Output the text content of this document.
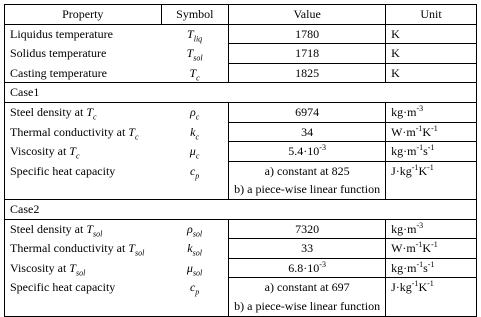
Property	Symbol	Value	Unit
Liquidus temperature	$T_{liq}$	1780	K
Solidus temperature	$T_{sol}$	1718	K
Casting temperature	$T_c$	1825	K
Case1			
Steel density at $T_c$	$\rho_c$	6974	$kg\cdot m^{-3}$
Thermal conductivity at $T_c$	$k_c$	34	$W\cdot m^{-1}K^{-1}$
Viscosity at $T_c$	$\mu_c$	$5.4\cdot 10^{-3}$	$kg\cdot m^{-1}s^{-1}$
Specific heat capacity	$c_p$	a) constant at 825	$J\cdot kg^{-1}K^{-1}$
		b) a piece-wise linear function	
Case2			
Steel density at $T_{sol}$	$\rho_{sol}$	7320	$kg\cdot m^{-3}$
Thermal conductivity at $T_{sol}$	$k_{sol}$	33	$W\cdot m^{-1}K^{-1}$
Viscosity at $T_{sol}$	$\mu_{sol}$	$6.8\cdot 10^{-3}$	$kg\cdot m^{-1}s^{-1}$
Specific heat capacity	$c_p$	a) constant at 697	$J\cdot kg^{-1}K^{-1}$
		b) a piece-wise linear function	
